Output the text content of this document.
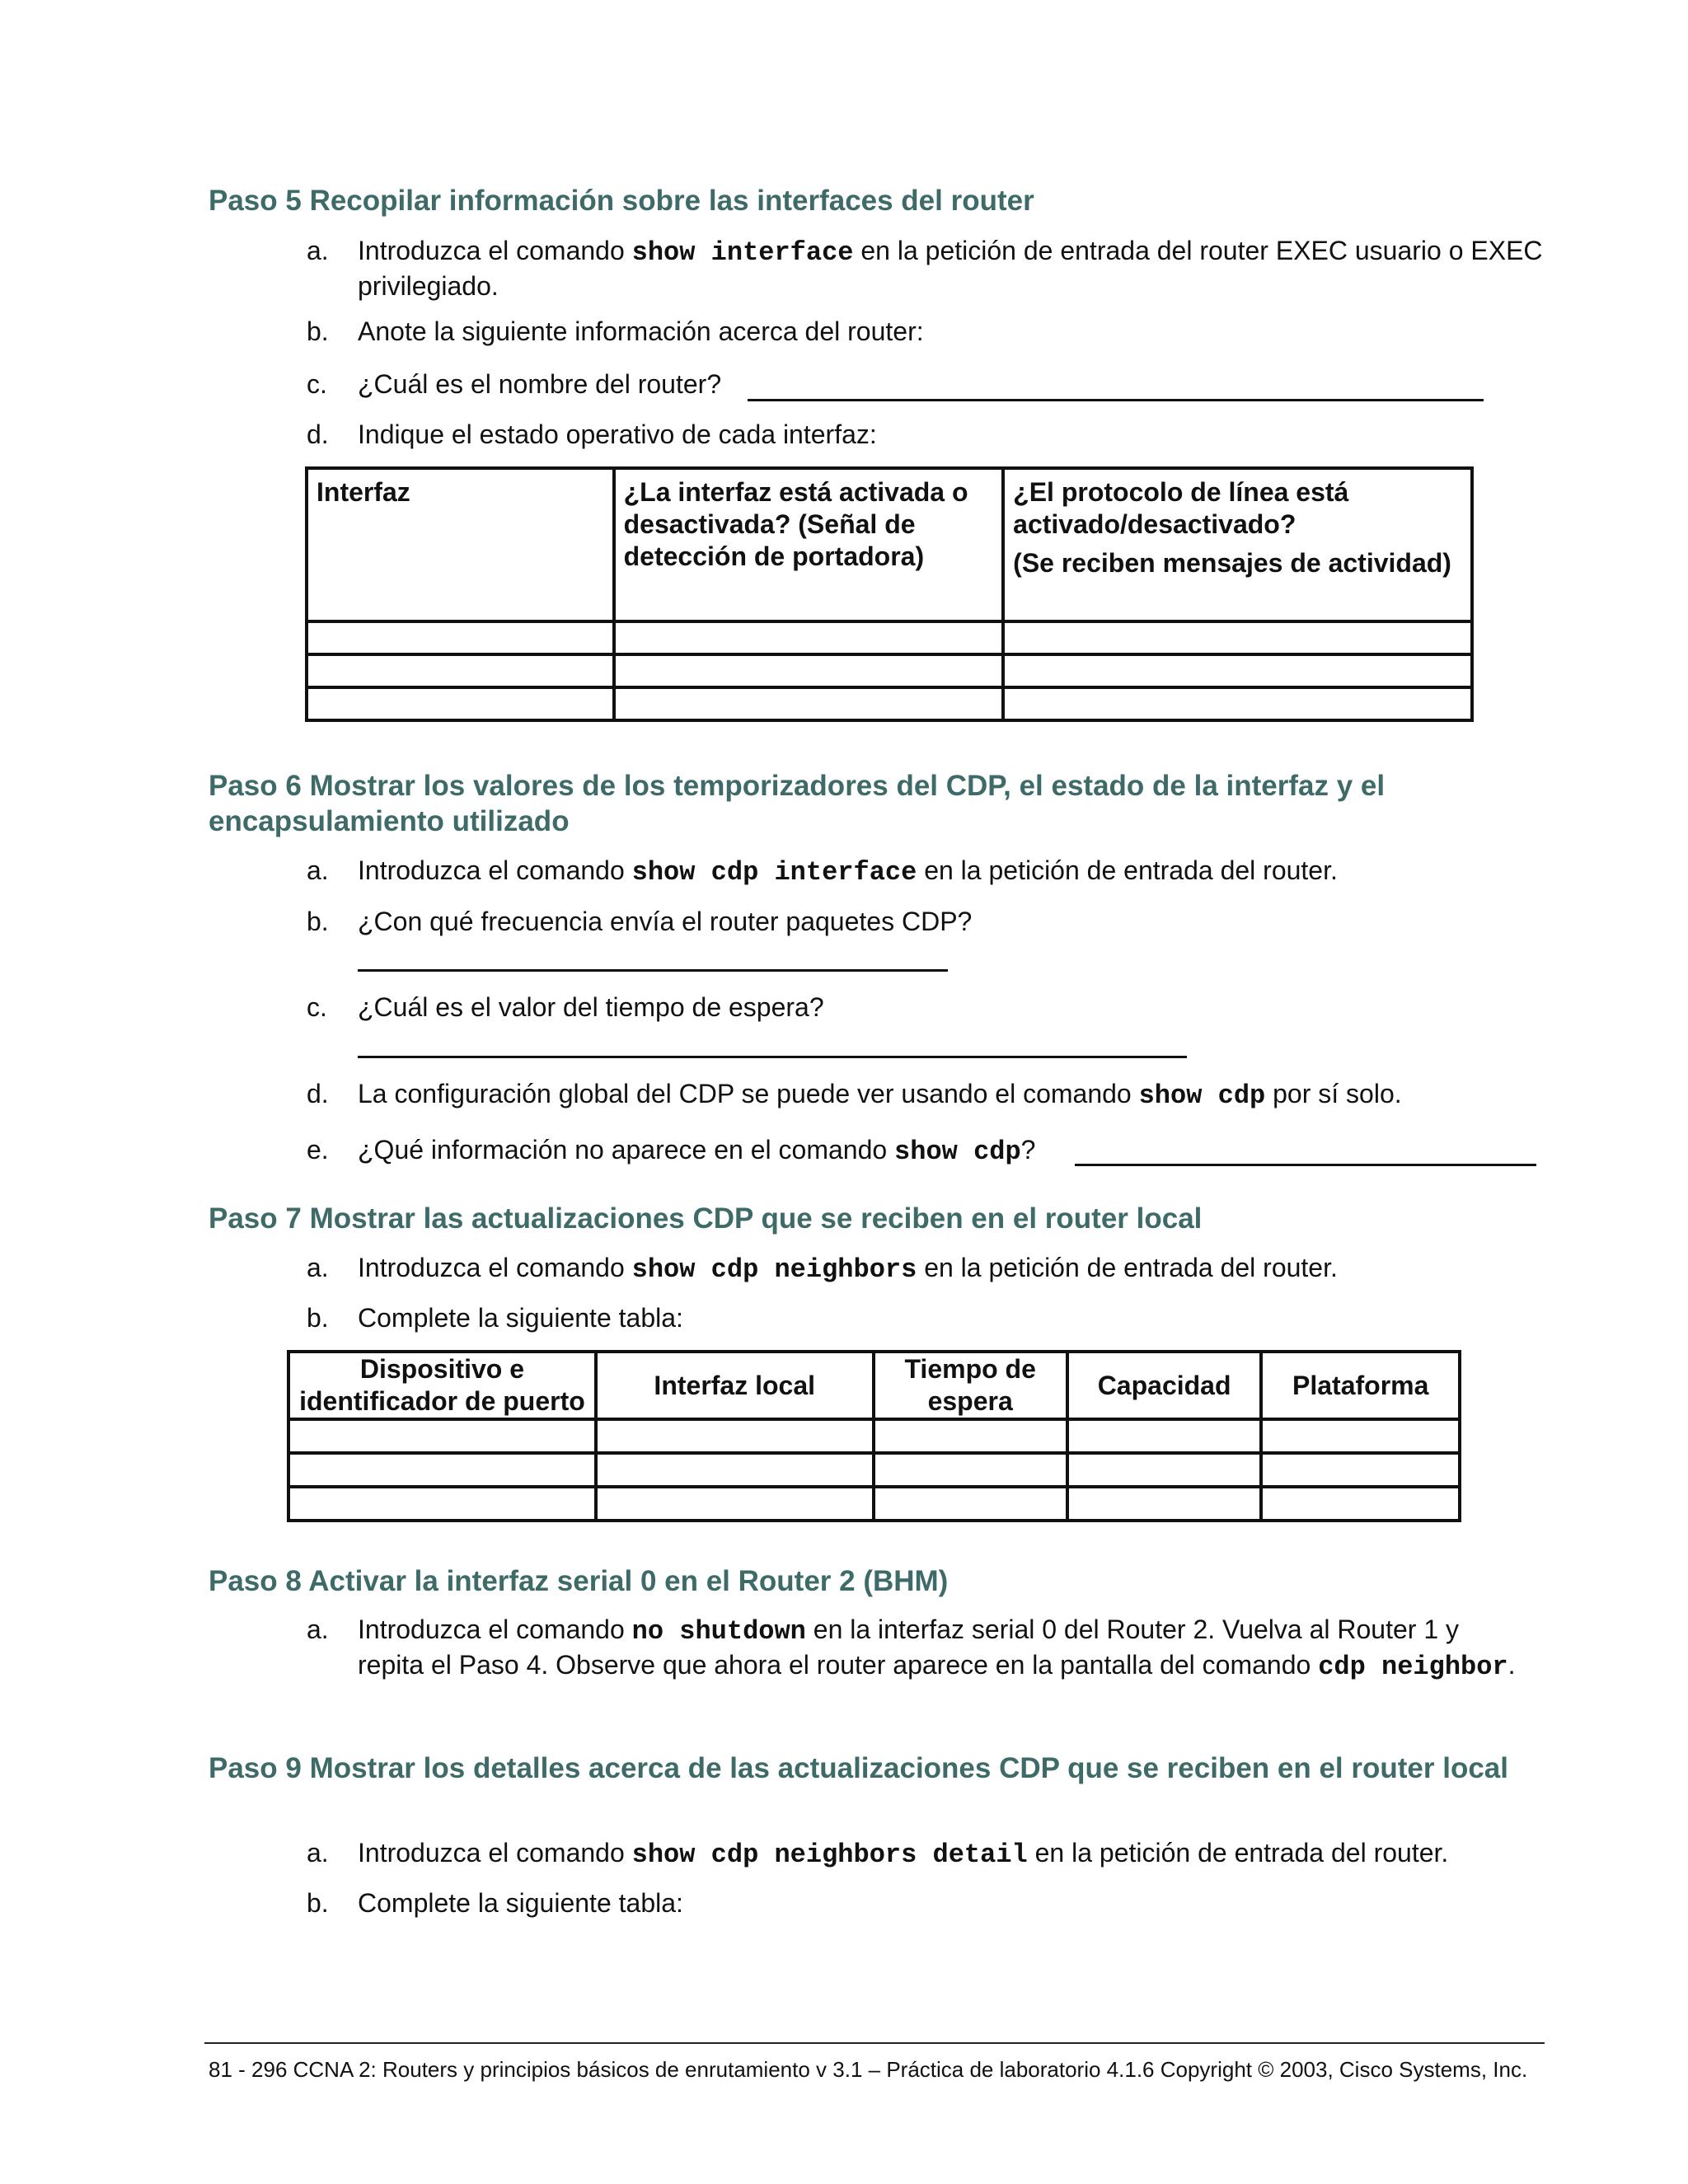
Paso 5 Recopilar información sobre las interfaces del router
a.	Introduzca el comando show interface en la petición de entrada del router EXEC usuario o EXEC privilegiado.
b.	Anote la siguiente información acerca del router:
c.	¿Cuál es el nombre del router?
d.	Indique el estado operativo de cada interfaz:
Interfaz	¿La interfaz está activada o desactivada? (Señal de detección de portadora)	¿El protocolo de línea está activado/desactivado?
(Se reciben mensajes de actividad)

Paso 6 Mostrar los valores de los temporizadores del CDP, el estado de la interfaz y el encapsulamiento utilizado
a.	Introduzca el comando show cdp interface en la petición de entrada del router.
b.	¿Con qué frecuencia envía el router paquetes CDP?
c.	¿Cuál es el valor del tiempo de espera?
d.	La configuración global del CDP se puede ver usando el comando show cdp por sí solo.
e.	¿Qué información no aparece en el comando show cdp?
Paso 7 Mostrar las actualizaciones CDP que se reciben en el router local
a.	Introduzca el comando show cdp neighbors en la petición de entrada del router.
b.	Complete la siguiente tabla:
Dispositivo e identificador de puerto	Interfaz local	Tiempo de espera	Capacidad	Plataforma

Paso 8 Activar la interfaz serial 0 en el Router 2 (BHM)
a.	Introduzca el comando no shutdown en la interfaz serial 0 del Router 2. Vuelva al Router 1 y repita el Paso 4. Observe que ahora el router aparece en la pantalla del comando cdp neighbor.
Paso 9 Mostrar los detalles acerca de las actualizaciones CDP que se reciben en el router local
a.	Introduzca el comando show cdp neighbors detail en la petición de entrada del router.
b.	Complete la siguiente tabla:
81 - 296 CCNA 2: Routers y principios básicos de enrutamiento v 3.1 – Práctica de laboratorio 4.1.6 Copyright © 2003, Cisco Systems, Inc.
